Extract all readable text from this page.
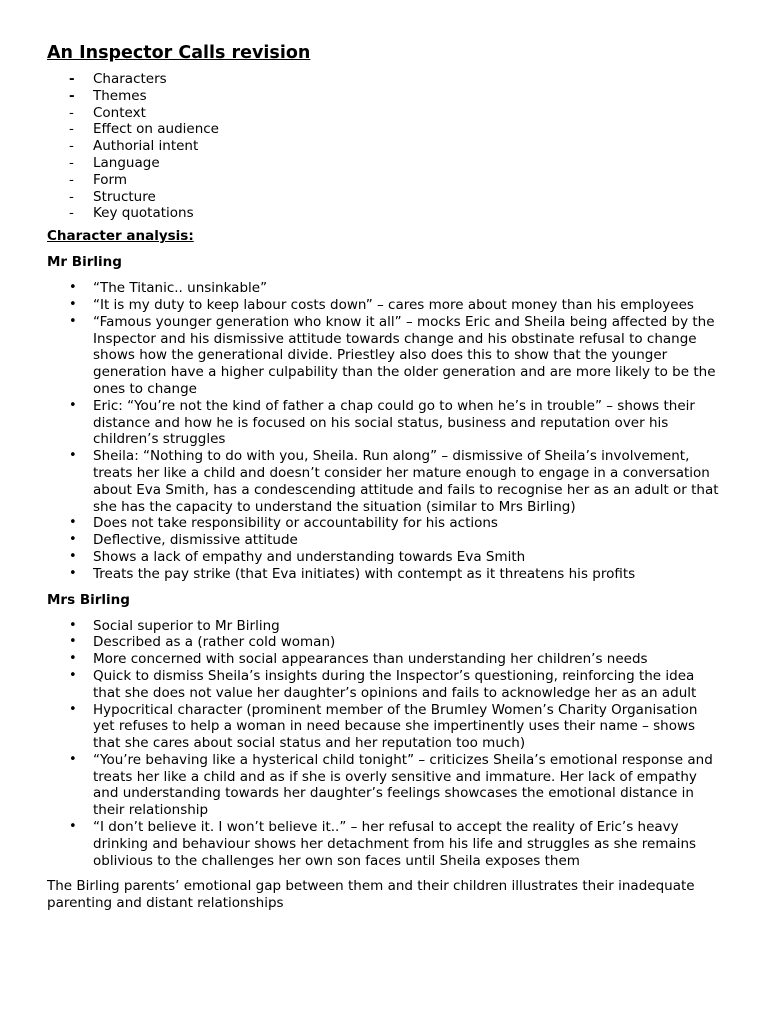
An Inspector Calls revision
- Characters
- Themes
- Context
- Effect on audience
- Authorial intent
- Language
- Form
- Structure
- Key quotations
Character analysis:
Mr Birling
• “The Titanic.. unsinkable”
• “It is my duty to keep labour costs down” – cares more about money than his employees
• “Famous younger generation who know it all” – mocks Eric and Sheila being affected by the Inspector and his dismissive attitude towards change and his obstinate refusal to change shows how the generational divide. Priestley also does this to show that the younger generation have a higher culpability than the older generation and are more likely to be the ones to change
• Eric: “You’re not the kind of father a chap could go to when he’s in trouble” – shows their distance and how he is focused on his social status, business and reputation over his children’s struggles
• Sheila: “Nothing to do with you, Sheila. Run along” – dismissive of Sheila’s involvement, treats her like a child and doesn’t consider her mature enough to engage in a conversation about Eva Smith, has a condescending attitude and fails to recognise her as an adult or that she has the capacity to understand the situation (similar to Mrs Birling)
• Does not take responsibility or accountability for his actions
• Deflective, dismissive attitude
• Shows a lack of empathy and understanding towards Eva Smith
• Treats the pay strike (that Eva initiates) with contempt as it threatens his profits
Mrs Birling
• Social superior to Mr Birling
• Described as a (rather cold woman)
• More concerned with social appearances than understanding her children’s needs
• Quick to dismiss Sheila’s insights during the Inspector’s questioning, reinforcing the idea that she does not value her daughter’s opinions and fails to acknowledge her as an adult
• Hypocritical character (prominent member of the Brumley Women’s Charity Organisation yet refuses to help a woman in need because she impertinently uses their name – shows that she cares about social status and her reputation too much)
• “You’re behaving like a hysterical child tonight” – criticizes Sheila’s emotional response and treats her like a child and as if she is overly sensitive and immature. Her lack of empathy and understanding towards her daughter’s feelings showcases the emotional distance in their relationship
• “I don’t believe it. I won’t believe it..” – her refusal to accept the reality of Eric’s heavy drinking and behaviour shows her detachment from his life and struggles as she remains oblivious to the challenges her own son faces until Sheila exposes them

The Birling parents’ emotional gap between them and their children illustrates their inadequate parenting and distant relationships
